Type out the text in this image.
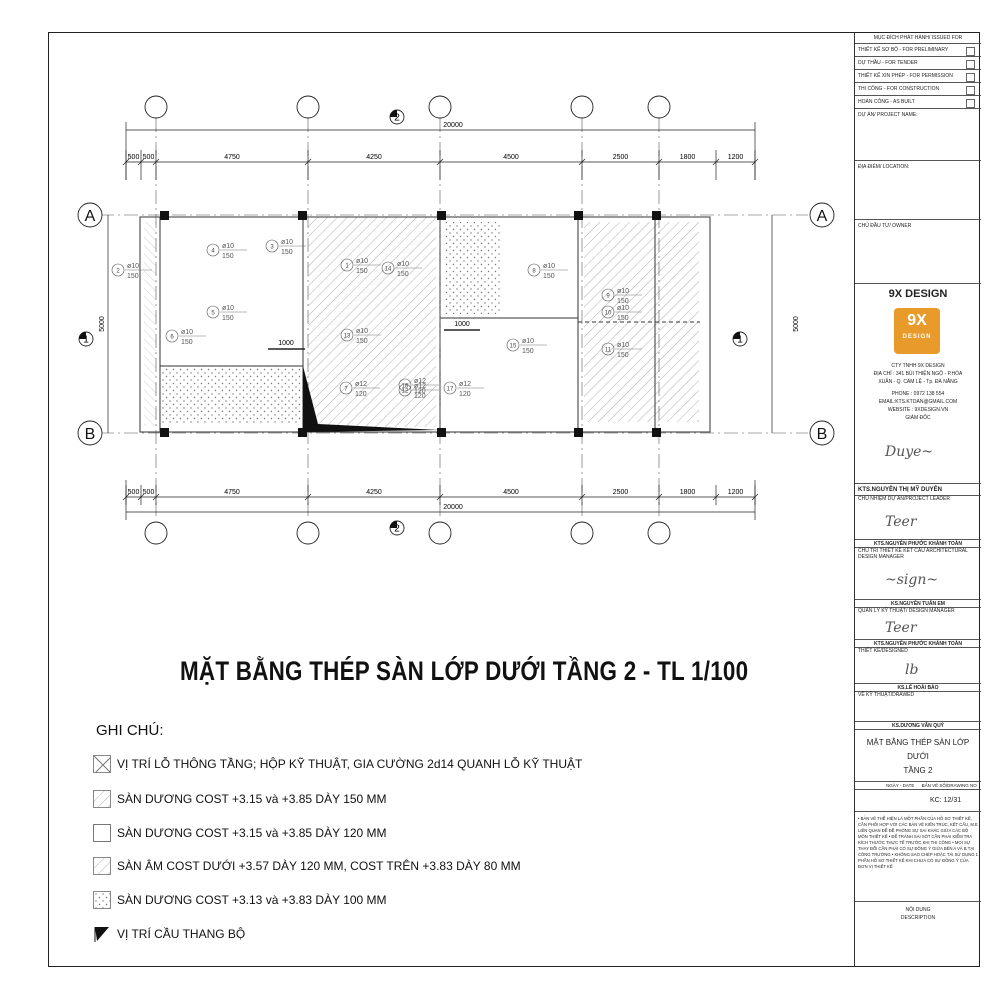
A
B
A
B
20000
20000
5000	5000
1000
1000
2
2
1	1
500
500
500
500
4750
4750
4250
4250
4500
4500
2500
2500
1800
1800
1200
1200
2
ø10
150
3
ø10
150
4
ø10
150
5
ø10
150
6
ø10
150
1
ø10
150
7
ø12
120
8
ø10
150
9
ø10
150
10
ø10
150
11
ø10
150
12
ø12
120
13
ø10
150
14
ø10
150
15
ø10
150
16
ø12
120	17
ø12
120
MẶT BẰNG THÉP SÀN LỚP DƯỚI TẦNG 2 - TL 1/100
GHI CHÚ:
VỊ TRÍ LỖ THÔNG TẦNG; HỘP KỸ THUẬT, GIA CƯỜNG 2d14 QUANH LỖ KỸ THUẬT
SÀN DƯƠNG COST +3.15 và +3.85 DÀY 150 MM
SÀN DƯƠNG COST +3.15 và +3.85 DÀY 120 MM
SÀN ÂM COST DƯỚI +3.57 DÀY 120 MM, COST TRÊN +3.83 DÀY 80 MM
SÀN DƯƠNG COST +3.13 và +3.83 DÀY 100 MM
VỊ TRÍ CẦU THANG BỘ
MỤC ĐÍCH PHÁT HÀNH/ ISSUED FOR
THIẾT KẾ SƠ BỘ - FOR PRELIMINARY
DỰ THẦU - FOR TENDER
THIẾT KẾ XIN PHÉP - FOR PERMISSION
THI CÔNG - FOR CONSTRUCTION
HOÀN CÔNG - AS BUILT
DỰ ÁN/ PROJECT NAME:
ĐỊA ĐIỂM/ LOCATION:
CHỦ ĐẦU TƯ/ OWNER
9X DESIGN
9X
DESIGN
CTY TNHH 9X DESIGN
ĐỊA CHỈ : 341 BÙI THIỆN NGỘ - P.HÒA
XUÂN - Q. CẨM LỆ - Tp. ĐÀ NẴNG
PHONE : 0972 138 554
EMAIL:KTS.KTOAN@GMAIL.COM
WEBSITE : 9XDESIGN.VN
GIÁM ĐỐC
Duye~
KTS.NGUYỄN THỊ MỸ DUYÊN
CHỦ NHIỆM DỰ ÁN/PROJECT LEADER
Teer
KTS.NGUYỄN PHƯỚC KHÁNH TOÀN
CHỦ TRÌ THIẾT KẾ KẾT CẤU ARCHITECTURAL DESIGN MANAGER
~sign~
KS.NGUYỄN TUẤN EM
QUẢN LÝ KỸ THUẬT/ DESIGN MANAGER
Teer
KTS.NGUYỄN PHƯỚC KHÁNH TOÀN
THIẾT KẾ/DESIGNED
lb
KS.LÊ HOÀI BẢO
VẼ KỸ THUẬT/DRAWED
KS.DƯƠNG VĂN QUÝ
MẶT BẰNG THÉP SÀN LỚP DƯỚI
TẦNG 2
NGÀY - DATE BẢN VẼ SỐ/DRAWING NO
KC: 12/31
• BẢN VẼ THỂ HIỆN LÀ MỘT PHẦN CỦA HỒ SƠ THIẾT KẾ, CẦN PHỐI HỢP VỚI CÁC BẢN VẼ KIẾN TRÚC, KẾT CẤU, M.E LIÊN QUAN ĐỂ ĐỀ PHÒNG SỰ SAI KHÁC GIỮA CÁC BỘ MÔN THIẾT KẾ • ĐỂ TRÁNH SAI SÓT CẦN PHẢI KIỂM TRA KÍCH THƯỚC THỰC TẾ TRƯỚC KHI THI CÔNG • MỌI SỰ THAY ĐỔI CẦN PHẢI CÓ SỰ ĐỒNG Ý GIỮA BÊN A VÀ B TẠI CÔNG TRƯỜNG • KHÔNG SAO CHÉP HOẶC TÁI SỬ DỤNG 1 PHẦN HỒ SƠ THIẾT KẾ KHI CHƯA CÓ SỰ ĐỒNG Ý CỦA ĐƠN VỊ THIẾT KẾ
NỘI DUNG
DESCRIPTION
